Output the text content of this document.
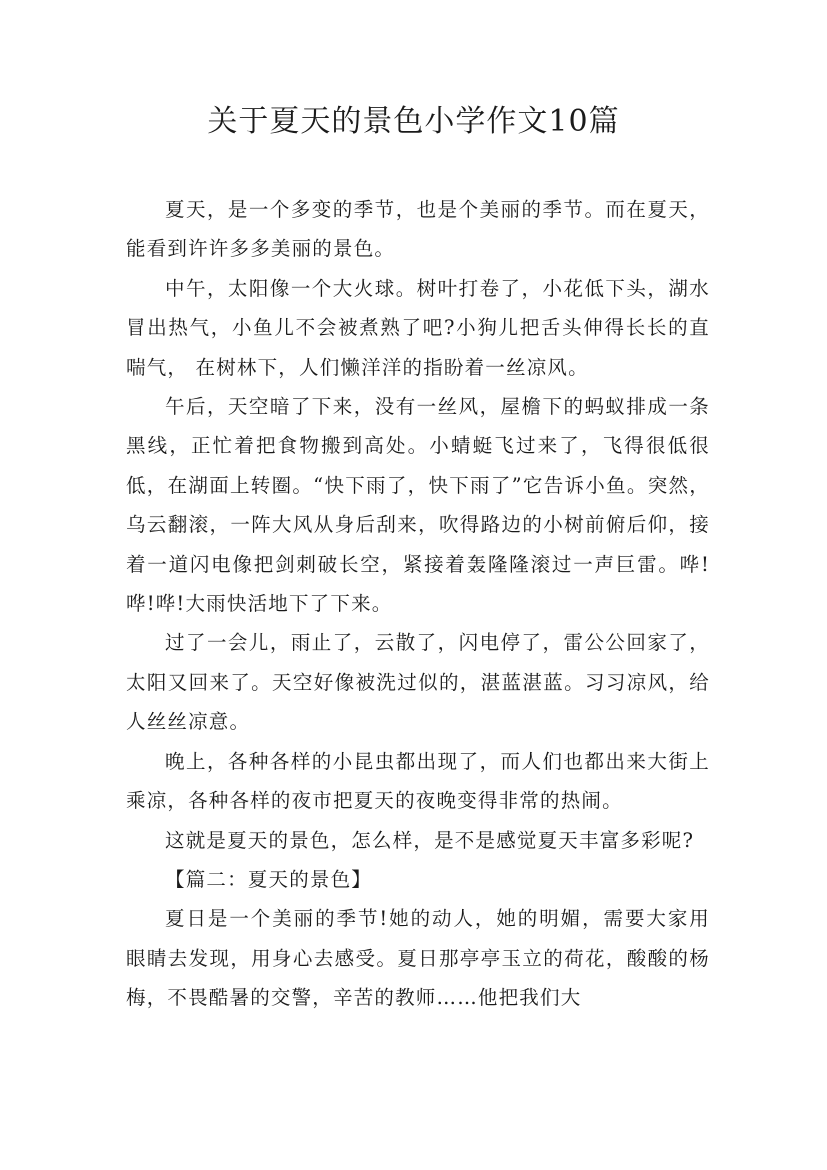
关于夏天的景色小学作文10篇

夏天，是一个多变的季节，也是个美丽的季节。而在夏天，能看到许许多多美丽的景色。

中午，太阳像一个大火球。树叶打卷了，小花低下头，湖水冒出热气，小鱼儿不会被煮熟了吧?小狗儿把舌头伸得长长的直喘气， 在树林下，人们懒洋洋的指盼着一丝凉风。

午后，天空暗了下来，没有一丝风，屋檐下的蚂蚁排成一条黑线，正忙着把食物搬到高处。小蜻蜓飞过来了，飞得很低很低，在湖面上转圈。“快下雨了，快下雨了”它告诉小鱼。突然，乌云翻滚，一阵大风从身后刮来，吹得路边的小树前俯后仰，接着一道闪电像把剑刺破长空，紧接着轰隆隆滚过一声巨雷。哗!哗!哗!大雨快活地下了下来。

过了一会儿，雨止了，云散了，闪电停了，雷公公回家了，太阳又回来了。天空好像被洗过似的，湛蓝湛蓝。习习凉风，给人丝丝凉意。

晚上，各种各样的小昆虫都出现了，而人们也都出来大街上乘凉，各种各样的夜市把夏天的夜晚变得非常的热闹。

这就是夏天的景色，怎么样，是不是感觉夏天丰富多彩呢?

【篇二：夏天的景色】

夏日是一个美丽的季节!她的动人，她的明媚，需要大家用眼睛去发现，用身心去感受。夏日那亭亭玉立的荷花，酸酸的杨梅，不畏酷暑的交警，辛苦的教师……他把我们大
